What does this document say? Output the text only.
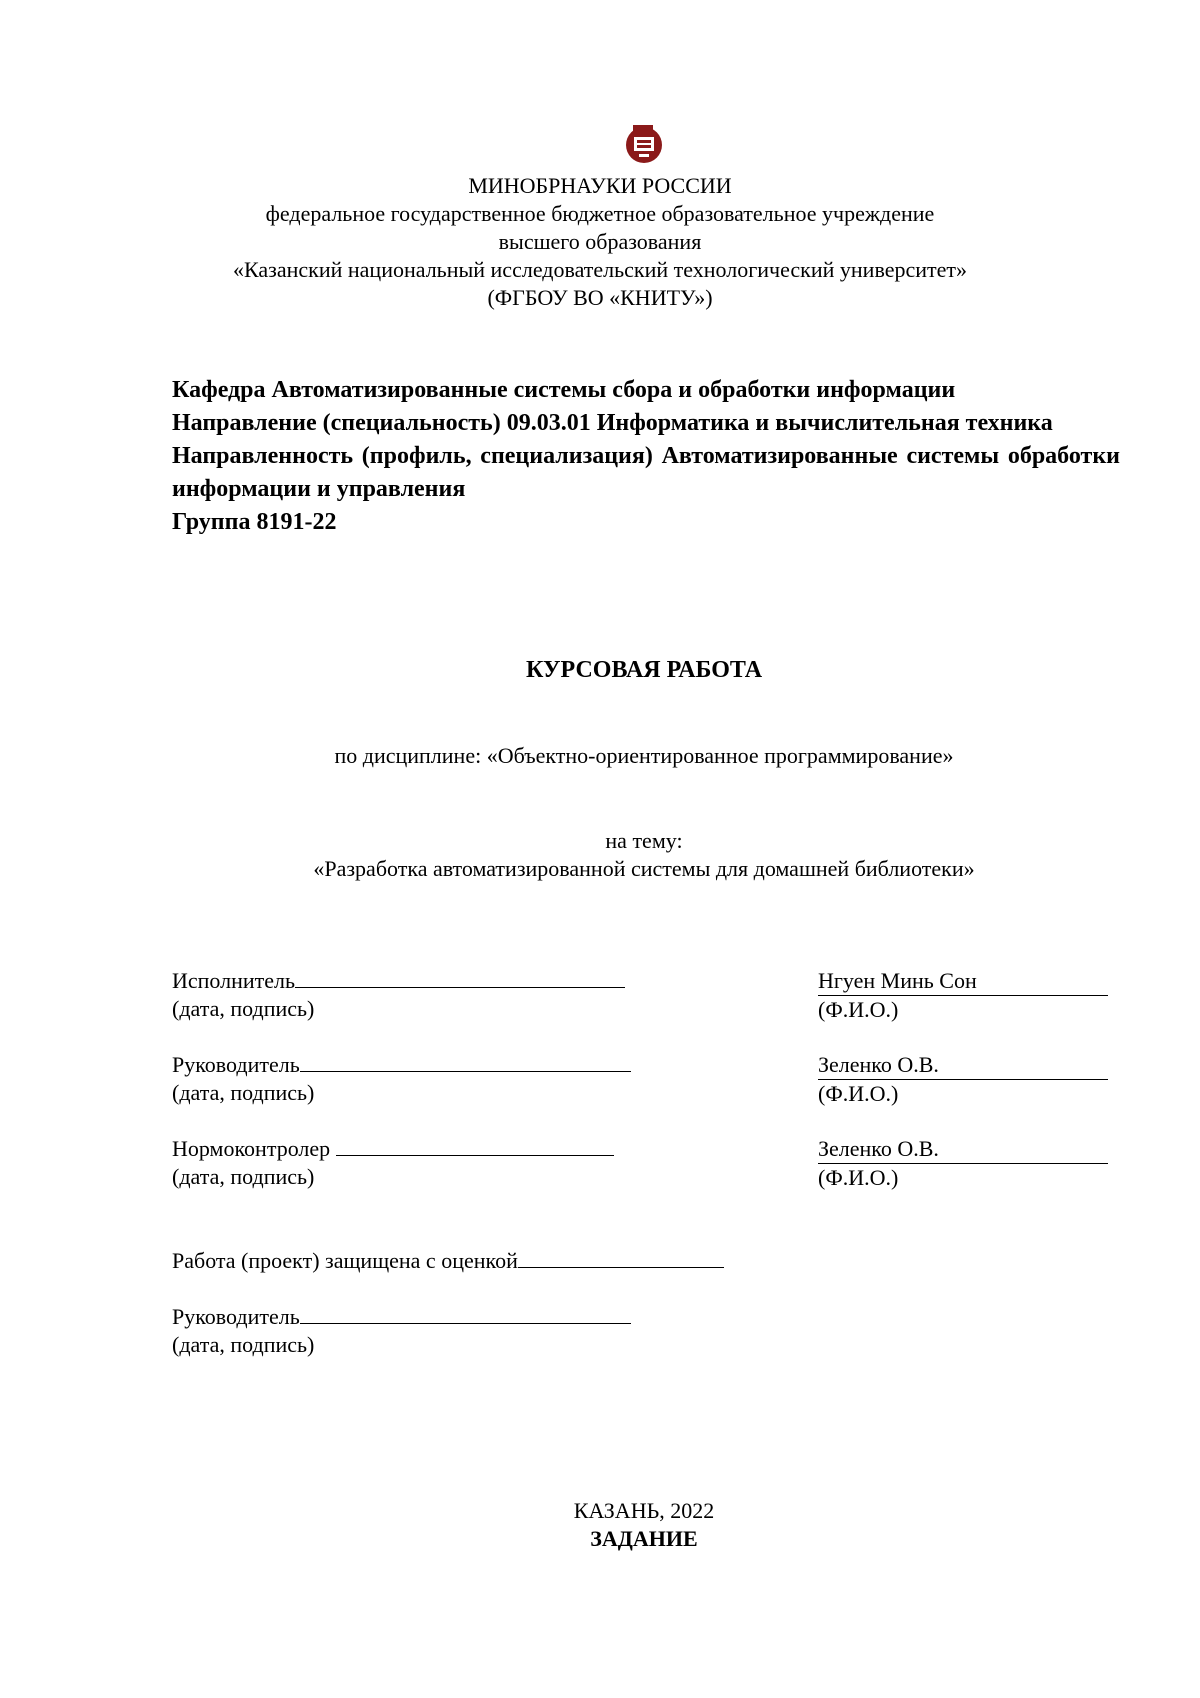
МИНОБРНАУКИ РОССИИ
федеральное государственное бюджетное образовательное учреждение
высшего образования
«Казанский национальный исследовательский технологический университет»
(ФГБОУ ВО «КНИТУ»)

Кафедра Автоматизированные системы сбора и обработки информации

Направление (специальность) 09.03.01 Информатика и вычислительная техника

Направленность (профиль, специализация) Автоматизированные системы обработки информации и управления

Группа 8191-22

КУРСОВАЯ РАБОТА
по дисциплине: «Объектно-ориентированное программирование»
на тему:
«Разработка автоматизированной системы для домашней библиотеки»
Исполнитель
(дата, подпись)
Нгуен Минь Сон
(Ф.И.О.)
Руководитель
(дата, подпись)
Зеленко О.В.
(Ф.И.О.)
Нормоконтролер
(дата, подпись)
Зеленко О.В.
(Ф.И.О.)
Работа (проект) защищена с оценкой
Руководитель
(дата, подпись)
КАЗАНЬ, 2022
ЗАДАНИЕ
